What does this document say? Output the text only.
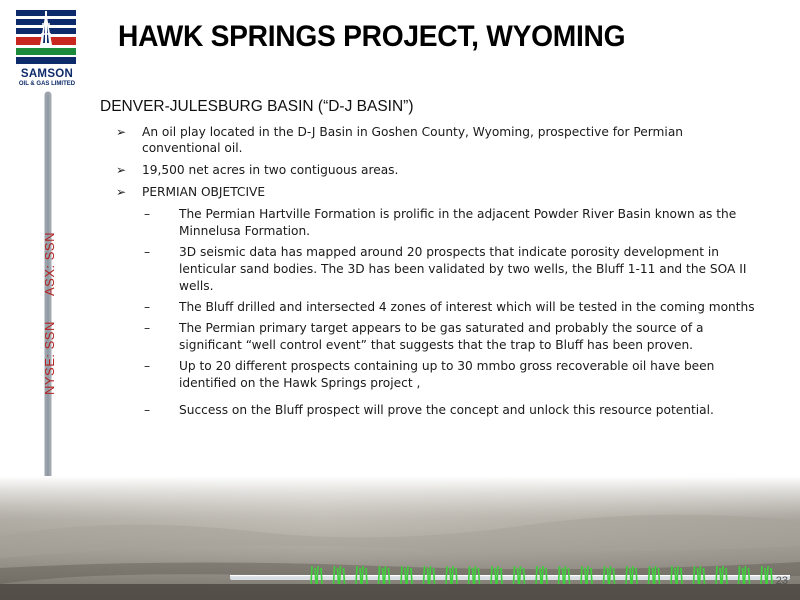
SAMSON
OIL & GAS LIMITED
HAWK SPRINGS PROJECT, WYOMING
NYSE: SSN
ASX: SSN
DENVER-JULESBURG BASIN (“D-J BASIN”)
➢ An oil play located in the D-J Basin in Goshen County, Wyoming, prospective for Permian conventional oil.
➢ 19,500 net acres in two contiguous areas.
➢ PERMIAN OBJETCIVE
– The Permian Hartville Formation is prolific in the adjacent Powder River Basin known as the Minnelusa Formation.
– 3D seismic data has mapped around 20 prospects that indicate porosity development in lenticular sand bodies. The 3D has been validated by two wells, the Bluff 1-11 and the SOA II wells.
– The Bluff drilled and intersected 4 zones of interest which will be tested in the coming months
– The Permian primary target appears to be gas saturated and probably the source of a significant “well control event” that suggests that the trap to Bluff has been proven.
– Up to 20 different prospects containing up to 30 mmbo gross recoverable oil have been identified on the Hawk Springs project ,
– Success on the Bluff prospect will prove the concept and unlock this resource potential.
23
